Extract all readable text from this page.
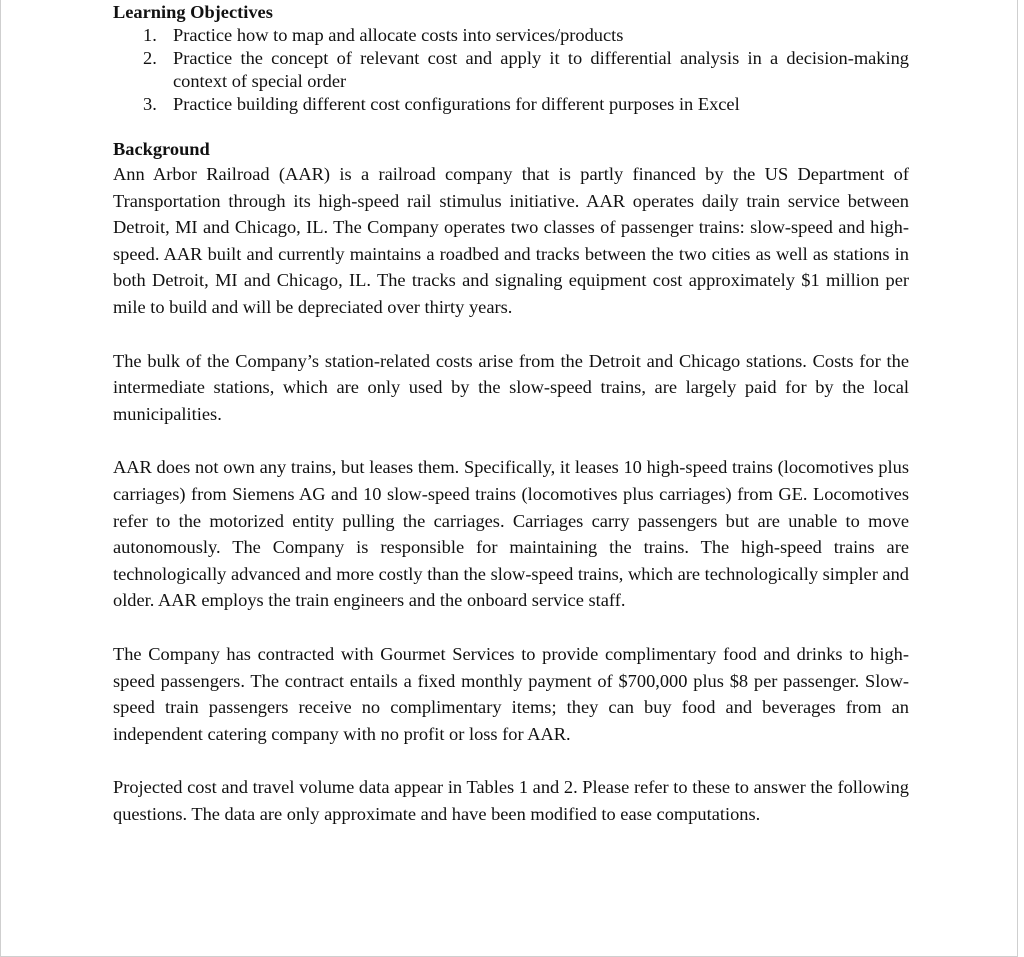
Learning Objectives

1. Practice how to map and allocate costs into services/products
2. Practice the concept of relevant cost and apply it to differential analysis in a decision-making context of special order
3. Practice building different cost configurations for different purposes in Excel

Background

Ann Arbor Railroad (AAR) is a railroad company that is partly financed by the US Department of Transportation through its high-speed rail stimulus initiative. AAR operates daily train service between Detroit, MI and Chicago, IL. The Company operates two classes of passenger trains: slow-speed and high-speed. AAR built and currently maintains a roadbed and tracks between the two cities as well as stations in both Detroit, MI and Chicago, IL. The tracks and signaling equipment cost approximately $1 million per mile to build and will be depreciated over thirty years.

The bulk of the Company’s station-related costs arise from the Detroit and Chicago stations. Costs for the intermediate stations, which are only used by the slow-speed trains, are largely paid for by the local municipalities.

AAR does not own any trains, but leases them. Specifically, it leases 10 high-speed trains (locomotives plus carriages) from Siemens AG and 10 slow-speed trains (locomotives plus carriages) from GE. Locomotives refer to the motorized entity pulling the carriages. Carriages carry passengers but are unable to move autonomously. The Company is responsible for maintaining the trains. The high-speed trains are technologically advanced and more costly than the slow-speed trains, which are technologically simpler and older. AAR employs the train engineers and the onboard service staff.

The Company has contracted with Gourmet Services to provide complimentary food and drinks to high-speed passengers. The contract entails a fixed monthly payment of $700,000 plus $8 per passenger. Slow-speed train passengers receive no complimentary items; they can buy food and beverages from an independent catering company with no profit or loss for AAR.

Projected cost and travel volume data appear in Tables 1 and 2. Please refer to these to answer the following questions. The data are only approximate and have been modified to ease computations.
